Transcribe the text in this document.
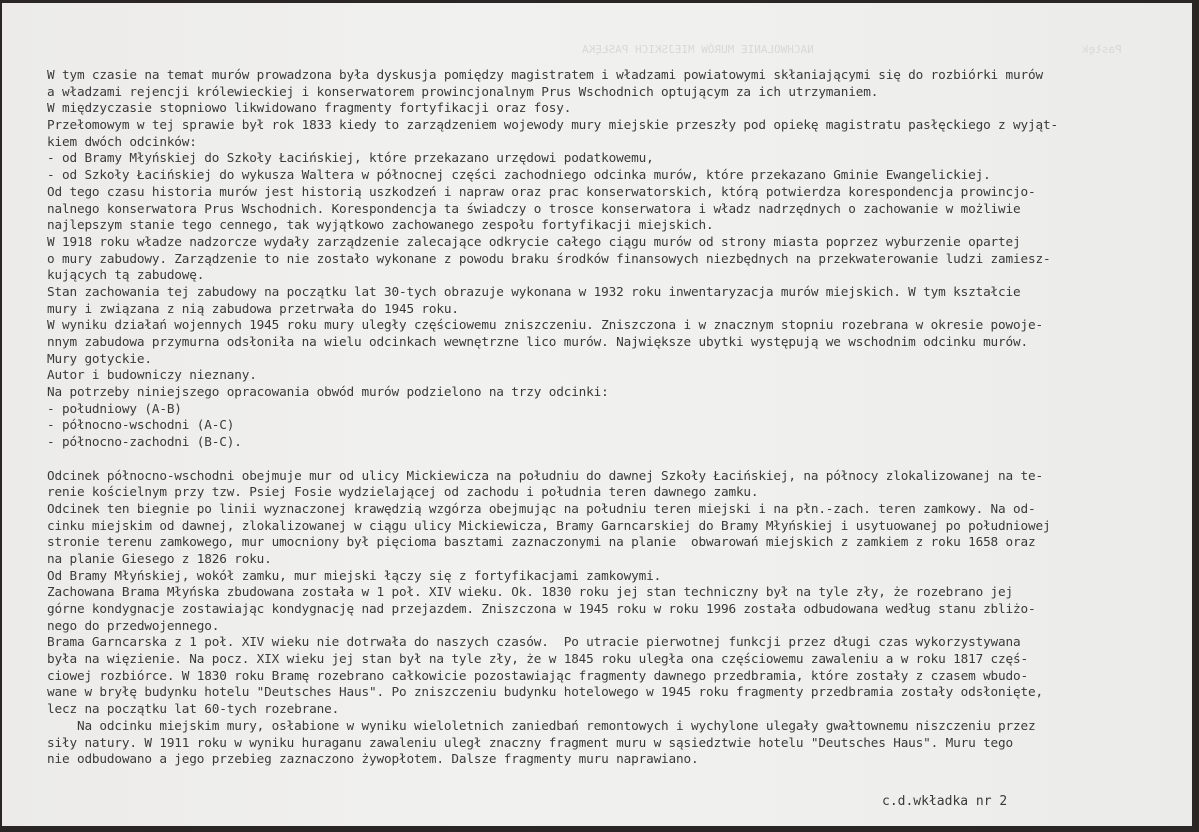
NACHWOLANIE MURÓW MIEJSKICH PASŁĘKA	Pasłęk
W tym czasie na temat murów prowadzona była dyskusja pomiędzy magistratem i władzami powiatowymi skłaniającymi się do rozbiórki murów
a władzami rejencji królewieckiej i konserwatorem prowincjonalnym Prus Wschodnich optującym za ich utrzymaniem.
W międzyczasie stopniowo likwidowano fragmenty fortyfikacji oraz fosy.
Przełomowym w tej sprawie był rok 1833 kiedy to zarządzeniem wojewody mury miejskie przeszły pod opiekę magistratu pasłęckiego z wyjąt-
kiem dwóch odcinków:
- od Bramy Młyńskiej do Szkoły Łacińskiej, które przekazano urzędowi podatkowemu,
- od Szkoły Łacińskiej do wykusza Waltera w północnej części zachodniego odcinka murów, które przekazano Gminie Ewangelickiej.
Od tego czasu historia murów jest historią uszkodzeń i napraw oraz prac konserwatorskich, którą potwierdza korespondencja prowincjo-
nalnego konserwatora Prus Wschodnich. Korespondencja ta świadczy o trosce konserwatora i władz nadrzędnych o zachowanie w możliwie
najlepszym stanie tego cennego, tak wyjątkowo zachowanego zespołu fortyfikacji miejskich.
W 1918 roku władze nadzorcze wydały zarządzenie zalecające odkrycie całego ciągu murów od strony miasta poprzez wyburzenie opartej
o mury zabudowy. Zarządzenie to nie zostało wykonane z powodu braku środków finansowych niezbędnych na przekwaterowanie ludzi zamiesz-
kujących tą zabudowę.
Stan zachowania tej zabudowy na początku lat 30-tych obrazuje wykonana w 1932 roku inwentaryzacja murów miejskich. W tym kształcie
mury i związana z nią zabudowa przetrwała do 1945 roku.
W wyniku działań wojennych 1945 roku mury uległy częściowemu zniszczeniu. Zniszczona i w znacznym stopniu rozebrana w okresie powoje-
nnym zabudowa przymurna odsłoniła na wielu odcinkach wewnętrzne lico murów. Największe ubytki występują we wschodnim odcinku murów.
Mury gotyckie.
Autor i budowniczy nieznany.
Na potrzeby niniejszego opracowania obwód murów podzielono na trzy odcinki:
- południowy (A-B)
- północno-wschodni (A-C)
- północno-zachodni (B-C).
Odcinek północno-wschodni obejmuje mur od ulicy Mickiewicza na południu do dawnej Szkoły Łacińskiej, na północy zlokalizowanej na te-
renie kościelnym przy tzw. Psiej Fosie wydzielającej od zachodu i południa teren dawnego zamku.
Odcinek ten biegnie po linii wyznaczonej krawędzią wzgórza obejmując na południu teren miejski i na płn.-zach. teren zamkowy. Na od-
cinku miejskim od dawnej, zlokalizowanej w ciągu ulicy Mickiewicza, Bramy Garncarskiej do Bramy Młyńskiej i usytuowanej po południowej
stronie terenu zamkowego, mur umocniony był pięcioma basztami zaznaczonymi na planie  obwarowań miejskich z zamkiem z roku 1658 oraz
na planie Giesego z 1826 roku.
Od Bramy Młyńskiej, wokół zamku, mur miejski łączy się z fortyfikacjami zamkowymi.
Zachowana Brama Młyńska zbudowana została w 1 poł. XIV wieku. Ok. 1830 roku jej stan techniczny był na tyle zły, że rozebrano jej
górne kondygnacje zostawiając kondygnację nad przejazdem. Zniszczona w 1945 roku w roku 1996 została odbudowana według stanu zbliżo-
nego do przedwojennego.
Brama Garncarska z 1 poł. XIV wieku nie dotrwała do naszych czasów.  Po utracie pierwotnej funkcji przez długi czas wykorzystywana
była na więzienie. Na pocz. XIX wieku jej stan był na tyle zły, że w 1845 roku uległa ona częściowemu zawaleniu a w roku 1817 częś-
ciowej rozbiórce. W 1830 roku Bramę rozebrano całkowicie pozostawiając fragmenty dawnego przedbramia, które zostały z czasem wbudo-
wane w bryłę budynku hotelu "Deutsches Haus". Po zniszczeniu budynku hotelowego w 1945 roku fragmenty przedbramia zostały odsłonięte,
lecz na początku lat 60-tych rozebrane.
Na odcinku miejskim mury, osłabione w wyniku wieloletnich zaniedbań remontowych i wychylone ulegały gwałtownemu niszczeniu przez
siły natury. W 1911 roku w wyniku huraganu zawaleniu uległ znaczny fragment muru w sąsiedztwie hotelu "Deutsches Haus". Muru tego
nie odbudowano a jego przebieg zaznaczono żywopłotem. Dalsze fragmenty muru naprawiano.
c.d.wkładka nr 2
